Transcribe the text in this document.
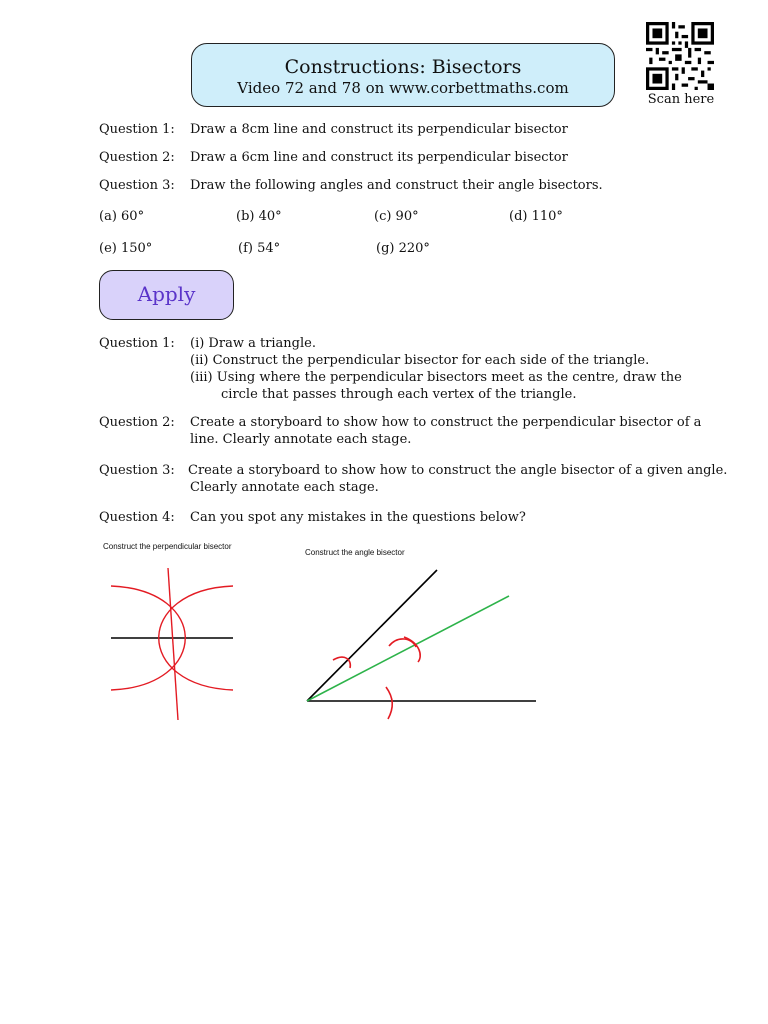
Constructions: Bisectors
Video 72 and 78 on www.corbettmaths.com
Scan here
Question 1: Draw a 8cm line and construct its perpendicular bisector
Question 2: Draw a 6cm line and construct its perpendicular bisector
Question 3: Draw the following angles and construct their angle bisectors.
(a) 60°	(b) 40°	(c) 90°	(d) 110°
(e) 150°	(f) 54°	(g) 220°
Apply
Question 1: (i) Draw a triangle.
(ii) Construct the perpendicular bisector for each side of the triangle.
(iii) Using where the perpendicular bisectors meet as the centre, draw the
circle that passes through each vertex of the triangle.
Question 2: Create a storyboard to show how to construct the perpendicular bisector of a
line. Clearly annotate each stage.
Question 3: Create a storyboard to show how to construct the angle bisector of a given angle.
Clearly annotate each stage.
Question 4: Can you spot any mistakes in the questions below?
Construct the perpendicular bisector
Construct the angle bisector
